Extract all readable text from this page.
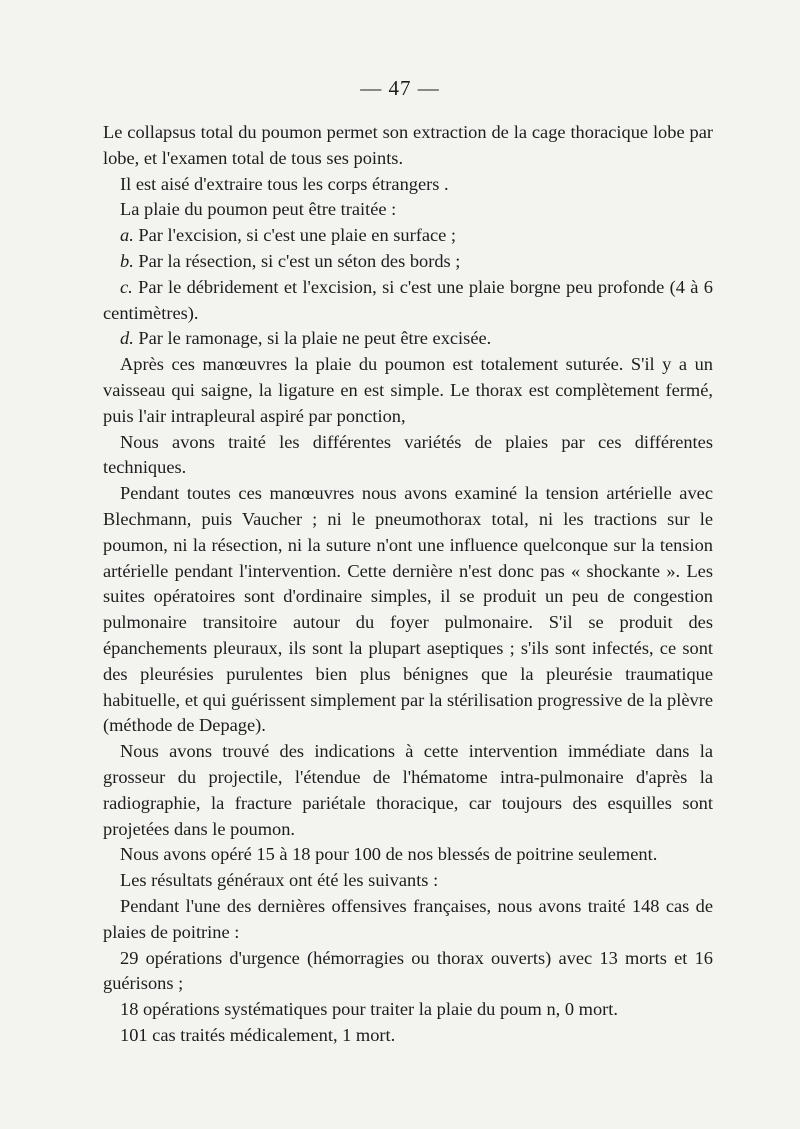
— 47 —

Le collapsus total du poumon permet son extraction de la cage thoracique lobe par lobe, et l'examen total de tous ses points.

Il est aisé d'extraire tous les corps étrangers .

La plaie du poumon peut être traitée :

a. Par l'excision, si c'est une plaie en surface ;

b. Par la résection, si c'est un séton des bords ;

c. Par le débridement et l'excision, si c'est une plaie borgne peu profonde (4 à 6 centimètres).

d. Par le ramonage, si la plaie ne peut être excisée.

Après ces manœuvres la plaie du poumon est totalement suturée. S'il y a un vaisseau qui saigne, la ligature en est simple. Le thorax est complètement fermé, puis l'air intrapleural aspiré par ponction,

Nous avons traité les différentes variétés de plaies par ces différentes techniques.

Pendant toutes ces manœuvres nous avons examiné la tension artérielle avec Blechmann, puis Vaucher ; ni le pneumothorax total, ni les tractions sur le poumon, ni la résection, ni la suture n'ont une influence quelconque sur la tension artérielle pendant l'intervention. Cette dernière n'est donc pas « shockante ». Les suites opératoires sont d'ordinaire simples, il se produit un peu de congestion pulmonaire transitoire autour du foyer pulmonaire. S'il se produit des épanchements pleuraux, ils sont la plupart aseptiques ; s'ils sont infectés, ce sont des pleurésies purulentes bien plus bénignes que la pleurésie traumatique habituelle, et qui guérissent simplement par la stérilisation progressive de la plèvre (méthode de Depage).

Nous avons trouvé des indications à cette intervention immédiate dans la grosseur du projectile, l'étendue de l'hématome intra-pulmonaire d'après la radiographie, la fracture pariétale thoracique, car toujours des esquilles sont projetées dans le poumon.

Nous avons opéré 15 à 18 pour 100 de nos blessés de poitrine seulement.

Les résultats généraux ont été les suivants :

Pendant l'une des dernières offensives françaises, nous avons traité 148 cas de plaies de poitrine :

29 opérations d'urgence (hémorragies ou thorax ouverts) avec 13 morts et 16 guérisons ;

18 opérations systématiques pour traiter la plaie du poum n, 0 mort.

101 cas traités médicalement, 1 mort.
